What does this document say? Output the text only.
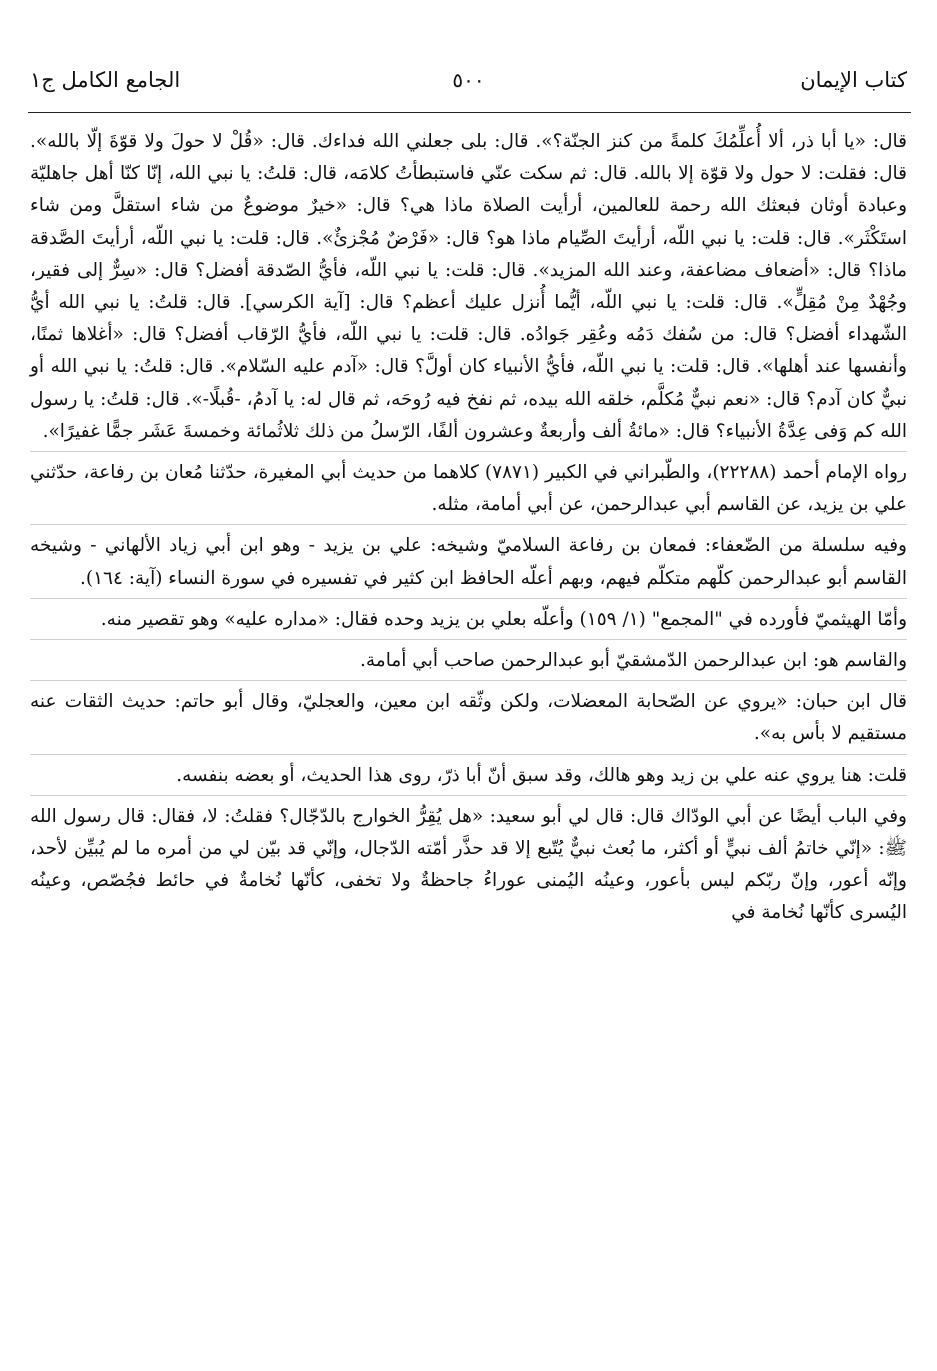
كتاب الإيمان
٥٠٠
الجامع الكامل ج١

قال: «يا أبا ذر، ألا أُعلِّمُكَ كلمةً من كنز الجنّة؟». قال: بلى جعلني الله فداءك. قال: «قُلْ لا حولَ ولا قوّةَ إلّا بالله». قال: فقلت: لا حول ولا قوّة إلا بالله. قال: ثم سكت عنّي فاستبطأتُ كلامَه، قال: قلتُ: يا نبي الله، إنّا كنّا أهل جاهليّة وعبادة أوثان فبعثك الله رحمة للعالمين، أرأيت الصلاة ماذا هي؟ قال: «خيرٌ موضوعٌ من شاء استقلَّ ومن شاء استَكْثَر». قال: قلت: يا نبي اللّه، أرأيتَ الصِّيام ماذا هو؟ قال: «فَرْضٌ مُجْزئٌ». قال: قلت: يا نبي اللّه، أرأيتَ الصَّدقة ماذا؟ قال: «أضعاف مضاعفة، وعند الله المزيد». قال: قلت: يا نبي اللّه، فأيُّ الصّدقة أفضل؟ قال: «سِرٌّ إلى فقير، وجُهْدٌ مِنْ مُقِلٍّ». قال: قلت: يا نبي اللّه، أيُّما أُنزل عليك أعظم؟ قال: [آية الكرسي]. قال: قلتُ: يا نبي الله أيُّ الشّهداء أفضل؟ قال: من سُفك دَمُه وعُقِر جَوادُه. قال: قلت: يا نبي اللّه، فأيُّ الرّقاب أفضل؟ قال: «أغلاها ثمنًا، وأنفسها عند أهلها». قال: قلت: يا نبي اللّه، فأيُّ الأنبياء كان أولَّ؟ قال: «آدم عليه السّلام». قال: قلتُ: يا نبي الله أو نبيٌّ كان آدم؟ قال: «نعم نبيٌّ مُكلَّم، خلقه الله بيده، ثم نفخ فيه رُوحَه، ثم قال له: يا آدمُ، -قُبلًا-». قال: قلتُ: يا رسول الله كم وَفى عِدَّةُ الأنبياء؟ قال: «مائةُ ألف وأربعةٌ وعشرون ألفًا، الرّسلُ من ذلك ثلاثُمائة وخمسةَ عَشَر جمًّا غفيرًا».

رواه الإمام أحمد (٢٢٢٨٨)، والطّبراني في الكبير (٧٨٧١) كلاهما من حديث أبي المغيرة، حدّثنا مُعان بن رفاعة، حدّثني علي بن يزيد، عن القاسم أبي عبدالرحمن، عن أبي أمامة، مثله.

وفيه سلسلة من الضّعفاء: فمعان بن رفاعة السلاميّ وشيخه: علي بن يزيد - وهو ابن أبي زياد الألهاني - وشيخه القاسم أبو عبدالرحمن كلّهم متكلّم فيهم، وبهم أعلّه الحافظ ابن كثير في تفسيره في سورة النساء (آية: ١٦٤).

وأمّا الهيثميّ فأورده في "المجمع" (١/ ١٥٩) وأعلّه بعلي بن يزيد وحده فقال: «مداره عليه» وهو تقصير منه.

والقاسم هو: ابن عبدالرحمن الدّمشقيّ أبو عبدالرحمن صاحب أبي أمامة.

قال ابن حبان: «يروي عن الصّحابة المعضلات، ولكن وثّقه ابن معين، والعجليّ، وقال أبو حاتم: حديث الثقات عنه مستقيم لا بأس به».

قلت: هنا يروي عنه علي بن زيد وهو هالك، وقد سبق أنّ أبا ذرّ، روى هذا الحديث، أو بعضه بنفسه.

وفي الباب أيضًا عن أبي الودّاك قال: قال لي أبو سعيد: «هل يُقِرُّ الخوارج بالدّجّال؟ فقلتُ: لا، فقال: قال رسول الله ﷺ: «إنّي خاتمُ ألف نبيٍّ أو أكثر، ما بُعث نبيٌّ يُتّبع إلا قد حذَّر أمّته الدّجال، وإنّي قد بيّن لي من أمره ما لم يُبيِّن لأحد، وإنّه أعور، وإنّ ربّكم ليس بأعور، وعينُه اليُمنى عوراءُ جاحظةٌ ولا تخفى، كأنّها نُخامةٌ في حائط فجُصّص، وعينُه اليُسرى كأنّها نُخامة في
